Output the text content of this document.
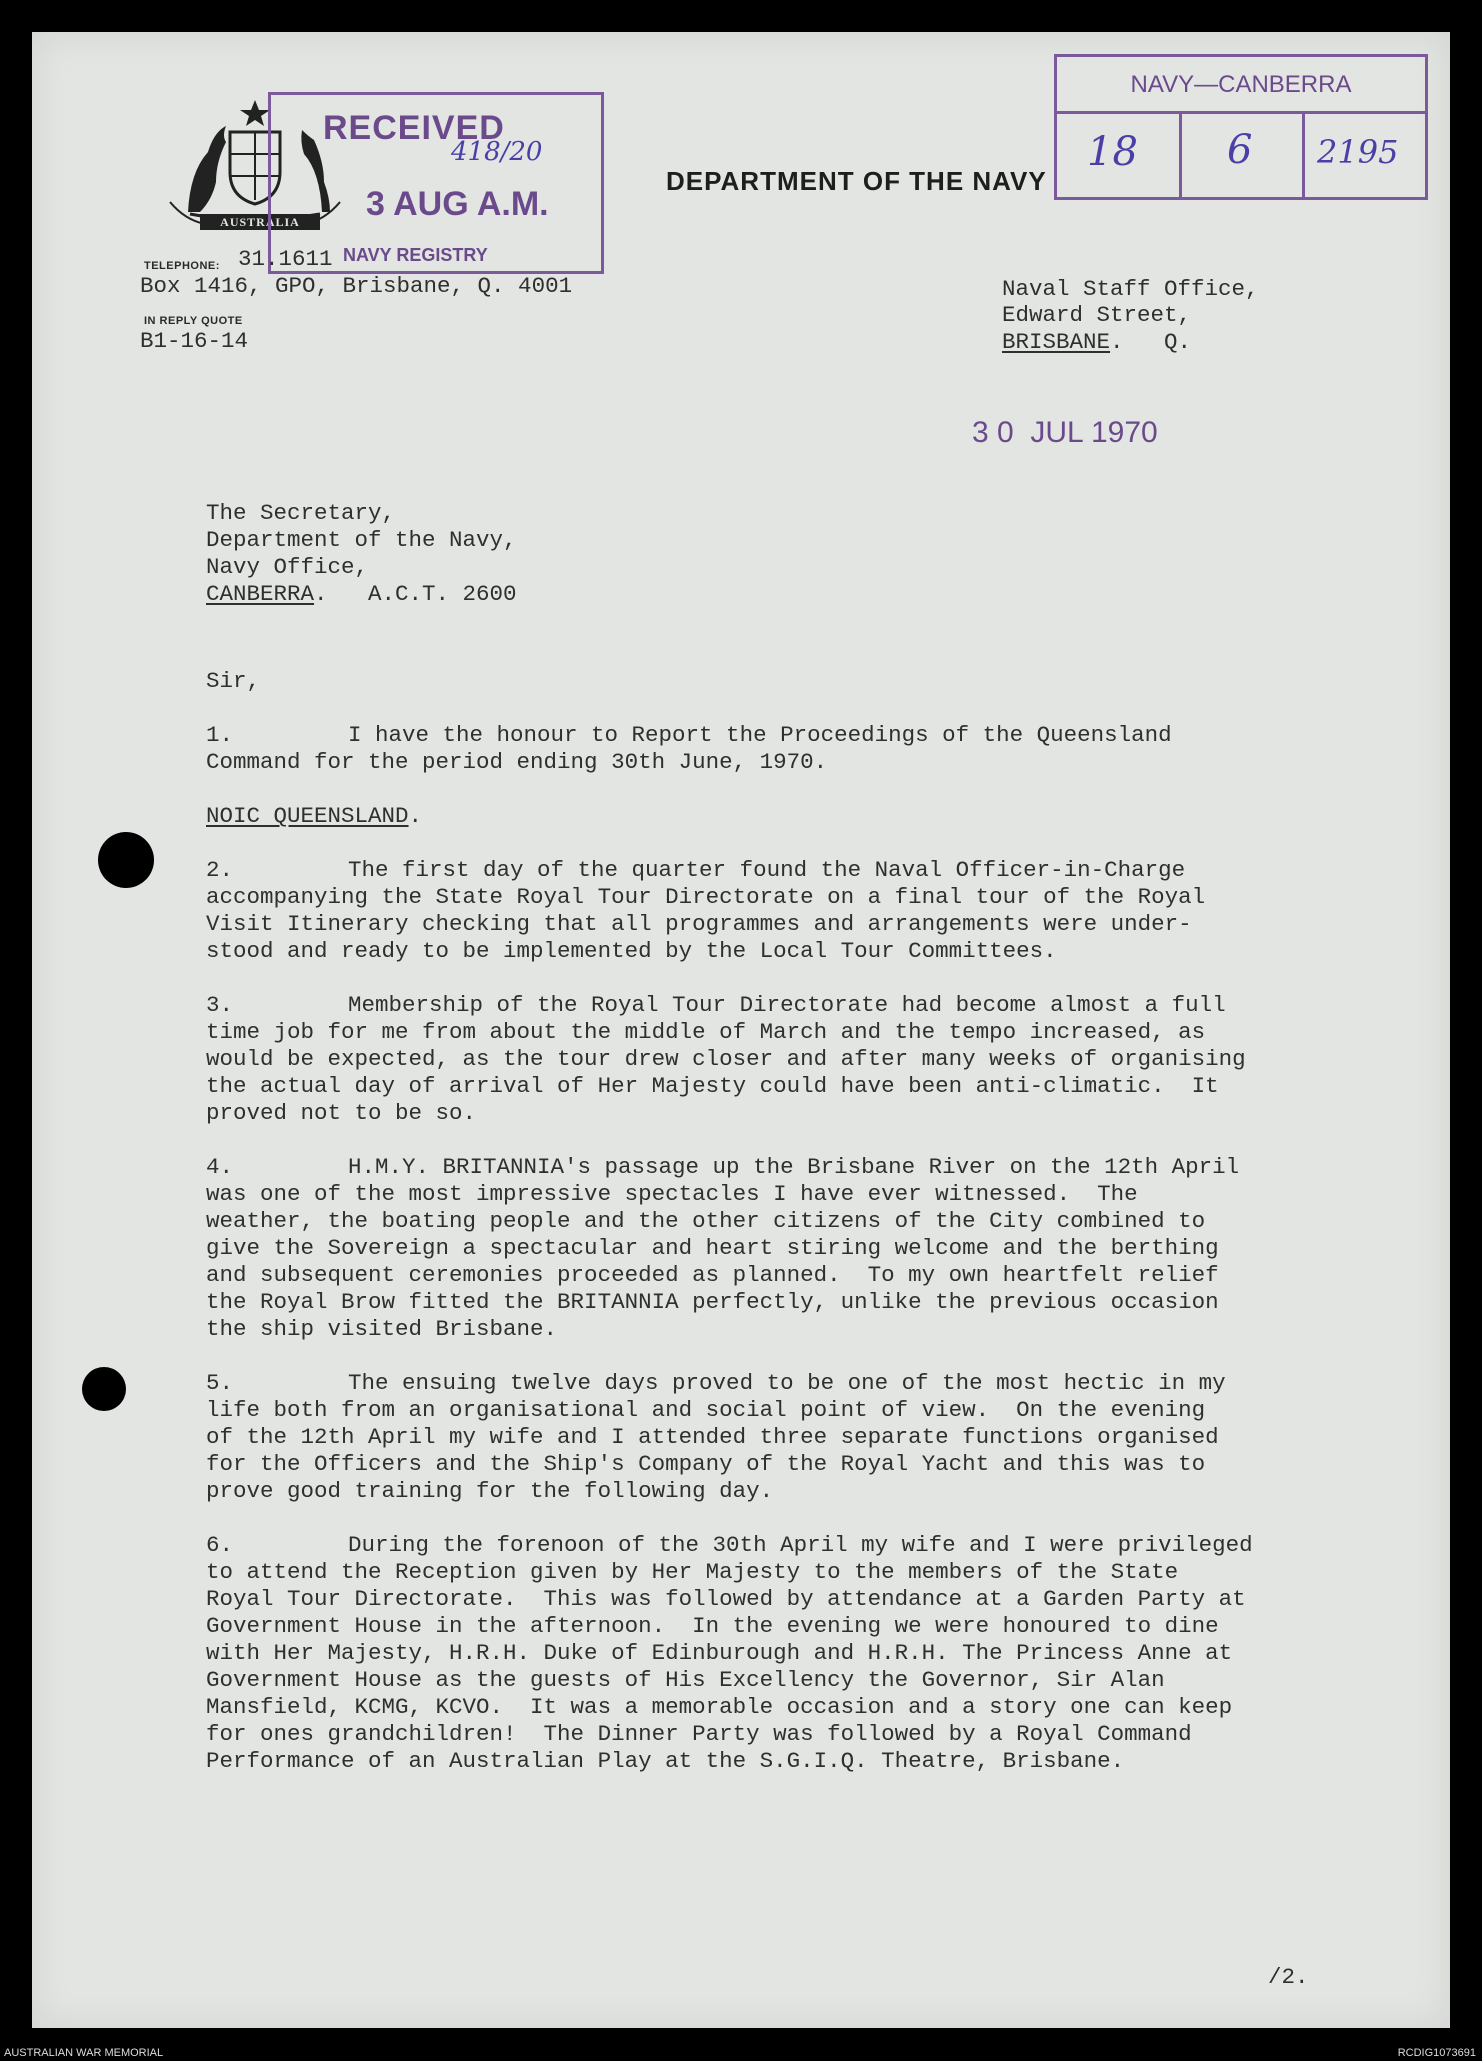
AUSTRALIA
RECEIVED
418/20
3 AUG A.M.
NAVY REGISTRY
NAVY—CANBERRA
18 6 2195
DEPARTMENT OF THE NAVY
TELEPHONE: 31.1611
Box 1416, GPO, Brisbane, Q. 4001
IN REPLY QUOTE
B1-16-14
Naval Staff Office,
Edward Street,
BRISBANE.   Q.
3 0  JUL 1970
The Secretary,
Department of the Navy,
Navy Office,
CANBERRA.   A.C.T. 2600
Sir,
1.	I have the honour to Report the Proceedings of the Queensland
Command for the period ending 30th June, 1970.
NOIC QUEENSLAND.
2.	The first day of the quarter found the Naval Officer-in-Charge
accompanying the State Royal Tour Directorate on a final tour of the Royal
Visit Itinerary checking that all programmes and arrangements were under-
stood and ready to be implemented by the Local Tour Committees.
3.	Membership of the Royal Tour Directorate had become almost a full
time job for me from about the middle of March and the tempo increased, as
would be expected, as the tour drew closer and after many weeks of organising
the actual day of arrival of Her Majesty could have been anti-climatic.  It
proved not to be so.
4.	H.M.Y. BRITANNIA's passage up the Brisbane River on the 12th April
was one of the most impressive spectacles I have ever witnessed.  The
weather, the boating people and the other citizens of the City combined to
give the Sovereign a spectacular and heart stiring welcome and the berthing
and subsequent ceremonies proceeded as planned.  To my own heartfelt relief
the Royal Brow fitted the BRITANNIA perfectly, unlike the previous occasion
the ship visited Brisbane.
5.	The ensuing twelve days proved to be one of the most hectic in my
life both from an organisational and social point of view.  On the evening
of the 12th April my wife and I attended three separate functions organised
for the Officers and the Ship's Company of the Royal Yacht and this was to
prove good training for the following day.
6.	During the forenoon of the 30th April my wife and I were privileged
to attend the Reception given by Her Majesty to the members of the State
Royal Tour Directorate.  This was followed by attendance at a Garden Party at
Government House in the afternoon.  In the evening we were honoured to dine
with Her Majesty, H.R.H. Duke of Edinburough and H.R.H. The Princess Anne at
Government House as the guests of His Excellency the Governor, Sir Alan
Mansfield, KCMG, KCVO.  It was a memorable occasion and a story one can keep
for ones grandchildren!  The Dinner Party was followed by a Royal Command
Performance of an Australian Play at the S.G.I.Q. Theatre, Brisbane.
/2.
AUSTRALIAN WAR MEMORIAL	RCDIG1073691
